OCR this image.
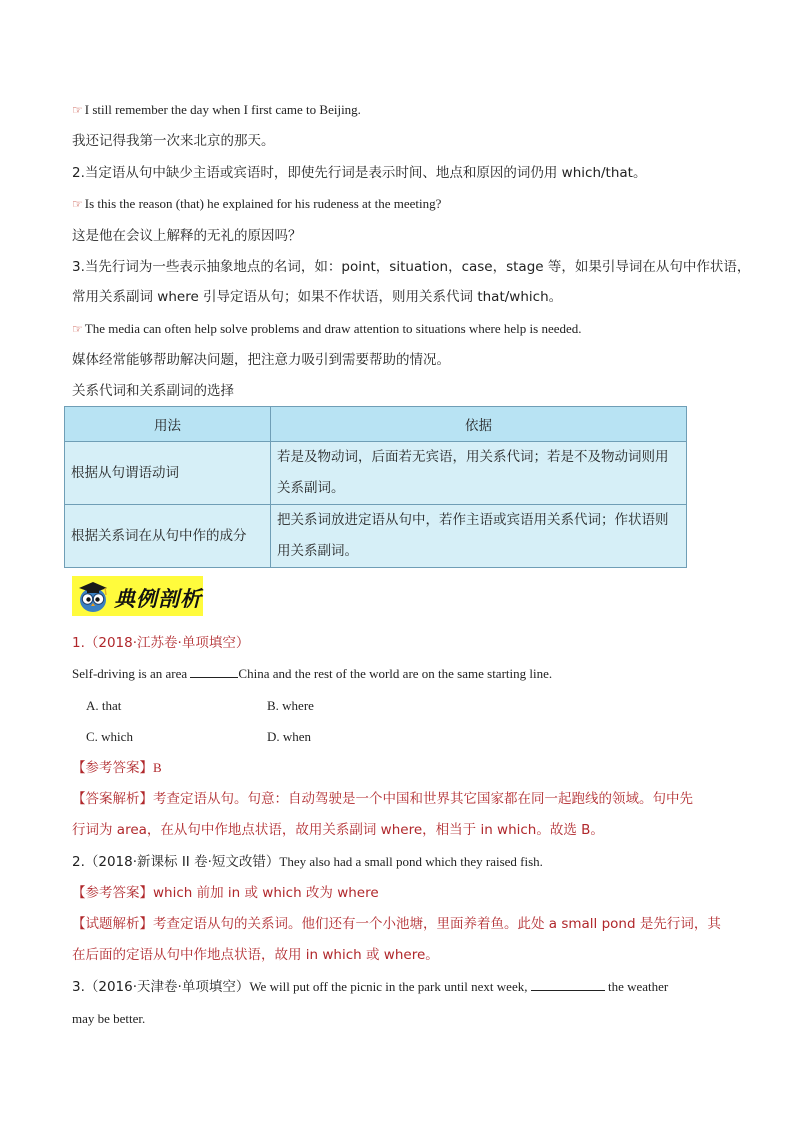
☞ I still remember the day when I first came to Beijing.
我还记得我第一次来北京的那天。
2.当定语从句中缺少主语或宾语时，即使先行词是表示时间、地点和原因的词仍用 which/that。
☞ Is this the reason (that) he explained for his rudeness at the meeting?
这是他在会议上解释的无礼的原因吗？
3.当先行词为一些表示抽象地点的名词，如：point，situation，case，stage 等，如果引导词在从句中作状语，
常用关系副词 where 引导定语从句；如果不作状语，则用关系代词 that/which。
☞ The media can often help solve problems and draw attention to situations where help is needed.
媒体经常能够帮助解决问题，把注意力吸引到需要帮助的情况。
关系代词和关系副词的选择
用法	依据
根据从句谓语动词	若是及物动词，后面若无宾语，用关系代词；若是不及物动词则用
关系副词。

根据关系词在从句中作的成分	把关系词放进定语从句中，若作主语或宾语用关系代词；作状语则
用关系副词。
典例剖析
1.（2018·江苏卷·单项填空）
Self-driving is an area	China and the rest of the world are on the same starting line.
A. that	B. where
C. which	D. when
【参考答案】B
【答案解析】考查定语从句。句意：自动驾驶是一个中国和世界其它国家都在同一起跑线的领域。句中先
行词为 area，在从句中作地点状语，故用关系副词 where，相当于 in which。故选 B。
2.（2018·新课标 II 卷·短文改错）They also had a small pond which they raised fish.
【参考答案】which 前加 in 或 which 改为 where
【试题解析】考查定语从句的关系词。他们还有一个小池塘，里面养着鱼。此处 a small pond 是先行词，其
在后面的定语从句中作地点状语，故用 in which 或 where。
3.（2016·天津卷·单项填空）We will put off the picnic in the park until next week,	the weather
may be better.
